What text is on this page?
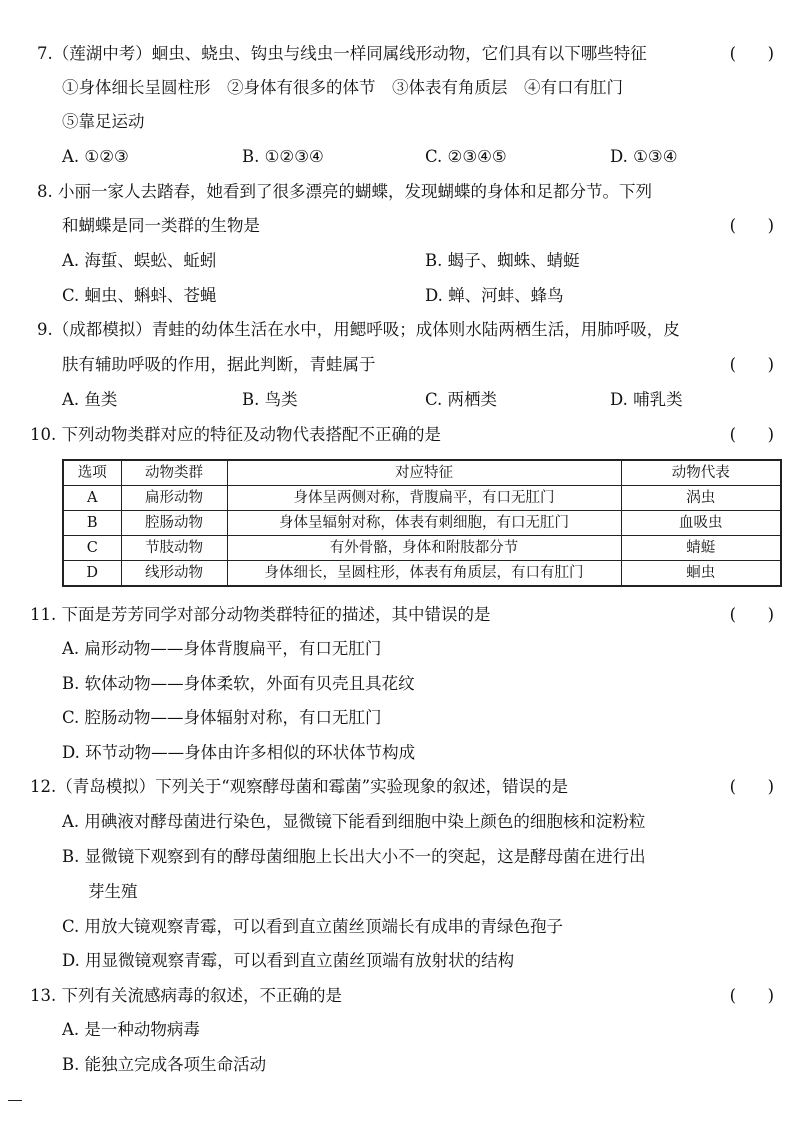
7.（莲湖中考）蛔虫、蛲虫、钩虫与线虫一样同属线形动物，它们具有以下哪些特征	(      )
①身体细长呈圆柱形　②身体有很多的体节　③体表有角质层　④有口有肛门
⑤靠足运动
A. ①②③	B. ①②③④	C. ②③④⑤	D. ①③④
8. 小丽一家人去踏春，她看到了很多漂亮的蝴蝶，发现蝴蝶的身体和足都分节。下列
和蝴蝶是同一类群的生物是	(      )
A. 海蜇、蜈蚣、蚯蚓	B. 蝎子、蜘蛛、蜻蜓
C. 蛔虫、蝌蚪、苍蝇	D. 蝉、河蚌、蜂鸟
9.（成都模拟）青蛙的幼体生活在水中，用鳃呼吸；成体则水陆两栖生活，用肺呼吸，皮
肤有辅助呼吸的作用，据此判断，青蛙属于	(      )
A. 鱼类	B. 鸟类	C. 两栖类	D. 哺乳类
10. 下列动物类群对应的特征及动物代表搭配不正确的是	(      )
选项	动物类群	对应特征	动物代表
A	扁形动物	身体呈两侧对称，背腹扁平，有口无肛门	涡虫
B	腔肠动物	身体呈辐射对称，体表有刺细胞，有口无肛门	血吸虫
C	节肢动物	有外骨骼，身体和附肢都分节	蜻蜓
D	线形动物	身体细长，呈圆柱形，体表有角质层，有口有肛门	蛔虫
11. 下面是芳芳同学对部分动物类群特征的描述，其中错误的是	(      )
A. 扁形动物——身体背腹扁平，有口无肛门
B. 软体动物——身体柔软，外面有贝壳且具花纹
C. 腔肠动物——身体辐射对称，有口无肛门
D. 环节动物——身体由许多相似的环状体节构成
12.（青岛模拟）下列关于“观察酵母菌和霉菌”实验现象的叙述，错误的是	(      )
A. 用碘液对酵母菌进行染色，显微镜下能看到细胞中染上颜色的细胞核和淀粉粒
B. 显微镜下观察到有的酵母菌细胞上长出大小不一的突起，这是酵母菌在进行出
芽生殖
C. 用放大镜观察青霉，可以看到直立菌丝顶端长有成串的青绿色孢子
D. 用显微镜观察青霉，可以看到直立菌丝顶端有放射状的结构
13. 下列有关流感病毒的叙述，不正确的是	(      )
A. 是一种动物病毒
B. 能独立完成各项生命活动
